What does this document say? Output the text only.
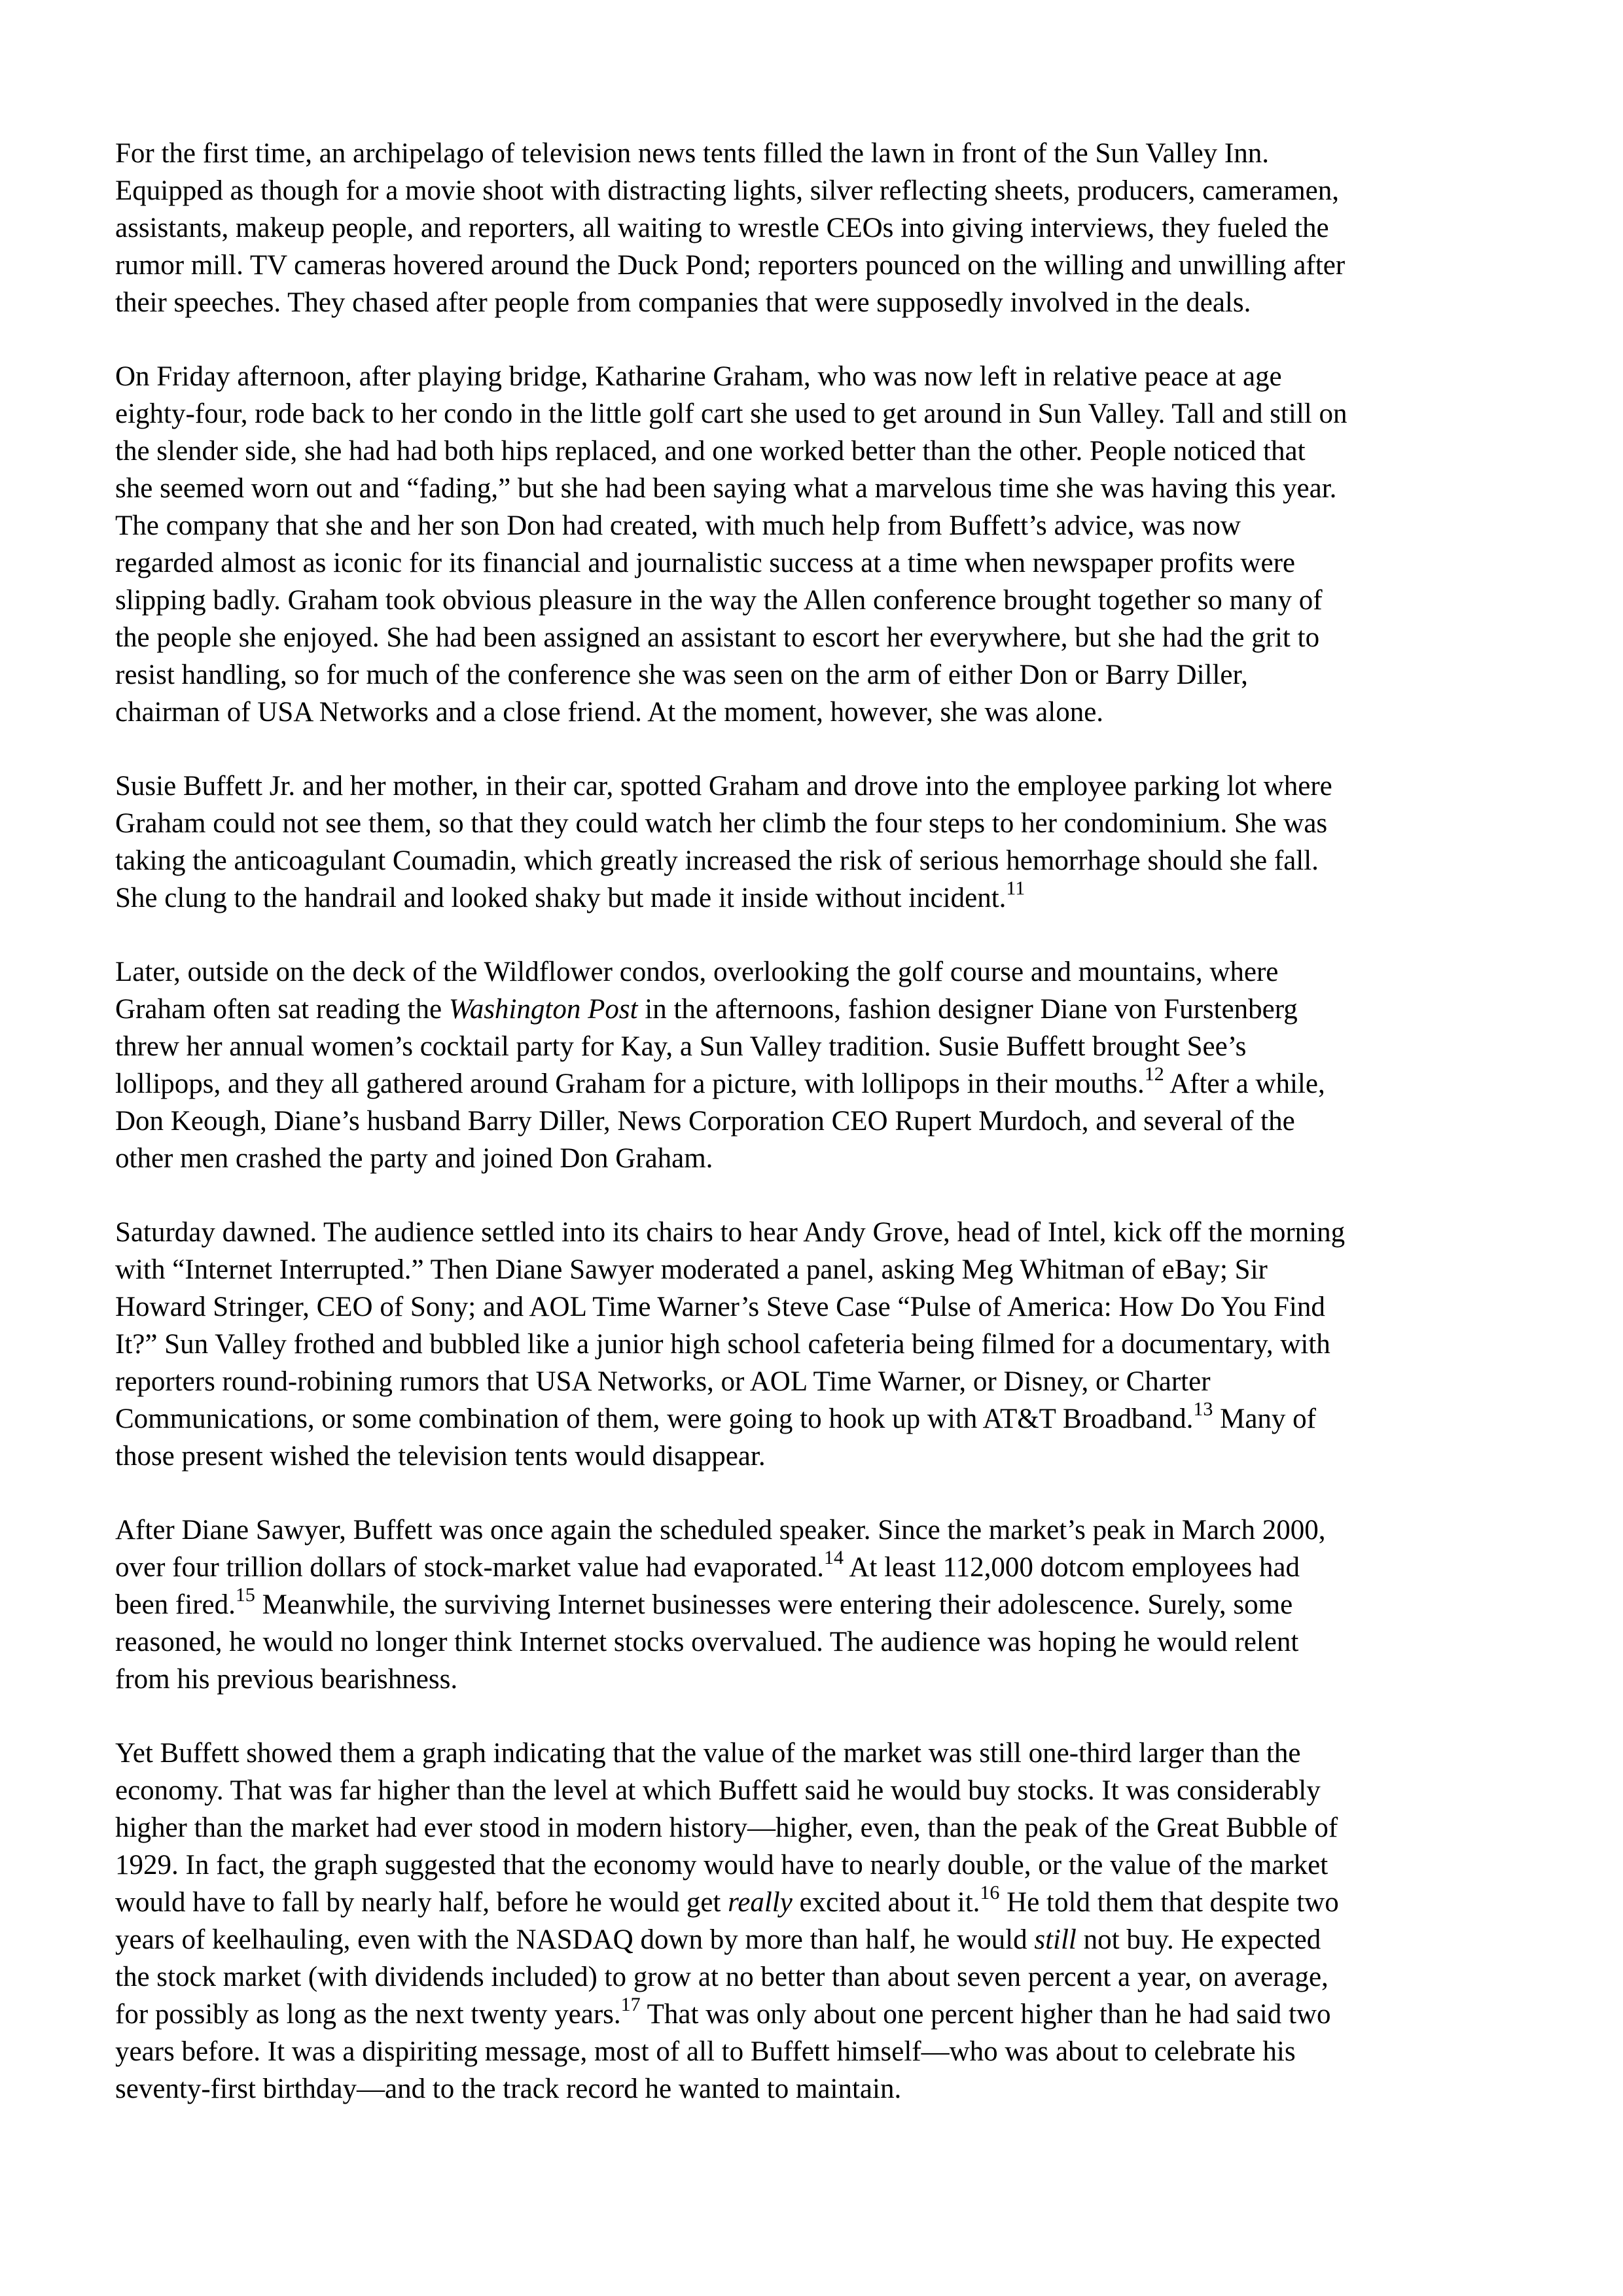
For the first time, an archipelago of television news tents filled the lawn in front of the Sun Valley Inn.
Equipped as though for a movie shoot with distracting lights, silver reflecting sheets, producers, cameramen,
assistants, makeup people, and reporters, all waiting to wrestle CEOs into giving interviews, they fueled the
rumor mill. TV cameras hovered around the Duck Pond; reporters pounced on the willing and unwilling after
their speeches. They chased after people from companies that were supposedly involved in the deals.

On Friday afternoon, after playing bridge, Katharine Graham, who was now left in relative peace at age
eighty-four, rode back to her condo in the little golf cart she used to get around in Sun Valley. Tall and still on
the slender side, she had had both hips replaced, and one worked better than the other. People noticed that
she seemed worn out and “fading,” but she had been saying what a marvelous time she was having this year.
The company that she and her son Don had created, with much help from Buffett’s advice, was now
regarded almost as iconic for its financial and journalistic success at a time when newspaper profits were
slipping badly. Graham took obvious pleasure in the way the Allen conference brought together so many of
the people she enjoyed. She had been assigned an assistant to escort her everywhere, but she had the grit to
resist handling, so for much of the conference she was seen on the arm of either Don or Barry Diller,
chairman of USA Networks and a close friend. At the moment, however, she was alone.

Susie Buffett Jr. and her mother, in their car, spotted Graham and drove into the employee parking lot where
Graham could not see them, so that they could watch her climb the four steps to her condominium. She was
taking the anticoagulant Coumadin, which greatly increased the risk of serious hemorrhage should she fall.
She clung to the handrail and looked shaky but made it inside without incident.$^{11}$

Later, outside on the deck of the Wildflower condos, overlooking the golf course and mountains, where
Graham often sat reading the Washington Post in the afternoons, fashion designer Diane von Furstenberg
threw her annual women’s cocktail party for Kay, a Sun Valley tradition. Susie Buffett brought See’s
lollipops, and they all gathered around Graham for a picture, with lollipops in their mouths.$^{12}$ After a while,
Don Keough, Diane’s husband Barry Diller, News Corporation CEO Rupert Murdoch, and several of the
other men crashed the party and joined Don Graham.

Saturday dawned. The audience settled into its chairs to hear Andy Grove, head of Intel, kick off the morning
with “Internet Interrupted.” Then Diane Sawyer moderated a panel, asking Meg Whitman of eBay; Sir
Howard Stringer, CEO of Sony; and AOL Time Warner’s Steve Case “Pulse of America: How Do You Find
It?” Sun Valley frothed and bubbled like a junior high school cafeteria being filmed for a documentary, with
reporters round-robining rumors that USA Networks, or AOL Time Warner, or Disney, or Charter
Communications, or some combination of them, were going to hook up with AT&T Broadband.$^{13}$ Many of
those present wished the television tents would disappear.

After Diane Sawyer, Buffett was once again the scheduled speaker. Since the market’s peak in March 2000,
over four trillion dollars of stock-market value had evaporated.$^{14}$ At least 112,000 dotcom employees had
been fired.$^{15}$ Meanwhile, the surviving Internet businesses were entering their adolescence. Surely, some
reasoned, he would no longer think Internet stocks overvalued. The audience was hoping he would relent
from his previous bearishness.

Yet Buffett showed them a graph indicating that the value of the market was still one-third larger than the
economy. That was far higher than the level at which Buffett said he would buy stocks. It was considerably
higher than the market had ever stood in modern history—higher, even, than the peak of the Great Bubble of
1929. In fact, the graph suggested that the economy would have to nearly double, or the value of the market
would have to fall by nearly half, before he would get really excited about it.$^{16}$ He told them that despite two
years of keelhauling, even with the NASDAQ down by more than half, he would still not buy. He expected
the stock market (with dividends included) to grow at no better than about seven percent a year, on average,
for possibly as long as the next twenty years.$^{17}$ That was only about one percent higher than he had said two
years before. It was a dispiriting message, most of all to Buffett himself—who was about to celebrate his
seventy-first birthday—and to the track record he wanted to maintain.
